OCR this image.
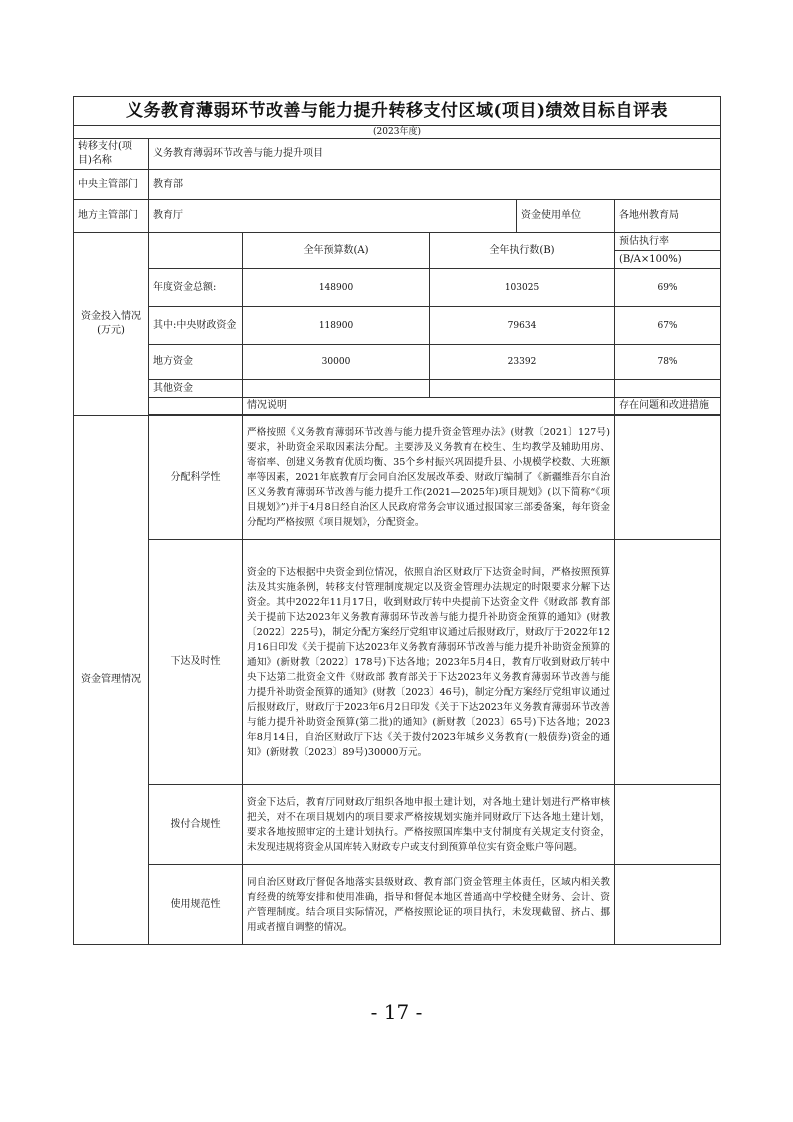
义务教育薄弱环节改善与能力提升转移支付区域(项目)绩效目标自评表					
(2023年度)					
转移支付(项目)名称	义务教育薄弱环节改善与能力提升项目				
中央主管部门	教育部				
地方主管部门	教育厅			资金使用单位	各地州教育局
资金投入情况(万元)		全年预算数(A)	全年执行数(B)		预估执行率
					(B/A×100%)
	年度资金总额:	148900	103025		69%
	其中:中央财政资金	118900	79634		67%
	地方资金	30000	23392		78%
	其他资金				
		情况说明			存在问题和改进措施

资金管理情况	分配科学性	严格按照《义务教育薄弱环节改善与能力提升资金管理办法》(财教〔2021〕127号)要求，补助资金采取因素法分配。主要涉及义务教育在校生、生均教学及辅助用房、寄宿率、创建义务教育优质均衡、35个乡村振兴巩固提升县、小规模学校数、大班额率等因素，2021年底教育厅会同自治区发展改革委、财政厅编制了《新疆维吾尔自治区义务教育薄弱环节改善与能力提升工作(2021—2025年)项目规划》(以下简称“《项目规划》”)并于4月8日经自治区人民政府常务会审议通过报国家三部委备案，每年资金分配均严格按照《项目规划》，分配资金。			
	下达及时性	资金的下达根据中央资金到位情况，依照自治区财政厅下达资金时间，严格按照预算法及其实施条例，转移支付管理制度规定以及资金管理办法规定的时限要求分解下达资金。其中2022年11月17日，收到财政厅转中央提前下达资金文件《财政部 教育部关于提前下达2023年义务教育薄弱环节改善与能力提升补助资金预算的通知》(财教〔2022〕225号)，制定分配方案经厅党组审议通过后报财政厅，财政厅于2022年12月16日印发《关于提前下达2023年义务教育薄弱环节改善与能力提升补助资金预算的通知》(新财教〔2022〕178号)下达各地；2023年5月4日，教育厅收到财政厅转中央下达第二批资金文件《财政部 教育部关于下达2023年义务教育薄弱环节改善与能力提升补助资金预算的通知》(财教〔2023〕46号)，制定分配方案经厅党组审议通过后报财政厅，财政厅于2023年6月2日印发《关于下达2023年义务教育薄弱环节改善与能力提升补助资金预算(第二批)的通知》(新财教〔2023〕65号)下达各地；2023年8月14日，自治区财政厅下达《关于拨付2023年城乡义务教育(一般债券)资金的通知》(新财教〔2023〕89号)30000万元。			
	拨付合规性	资金下达后，教育厅同财政厅组织各地申报土建计划，对各地土建计划进行严格审核把关，对不在项目规划内的项目要求严格按规划实施并同财政厅下达各地土建计划，要求各地按照审定的土建计划执行。严格按照国库集中支付制度有关规定支付资金，未发现违规将资金从国库转入财政专户或支付到预算单位实有资金账户等问题。			
	使用规范性	同自治区财政厅督促各地落实县级财政、教育部门资金管理主体责任，区域内相关教育经费的统筹安排和使用准确，指导和督促本地区普通高中学校健全财务、会计、资产管理制度。结合项目实际情况，严格按照论证的项目执行，未发现截留、挤占、挪用或者擅自调整的情况。			
- 17 -
